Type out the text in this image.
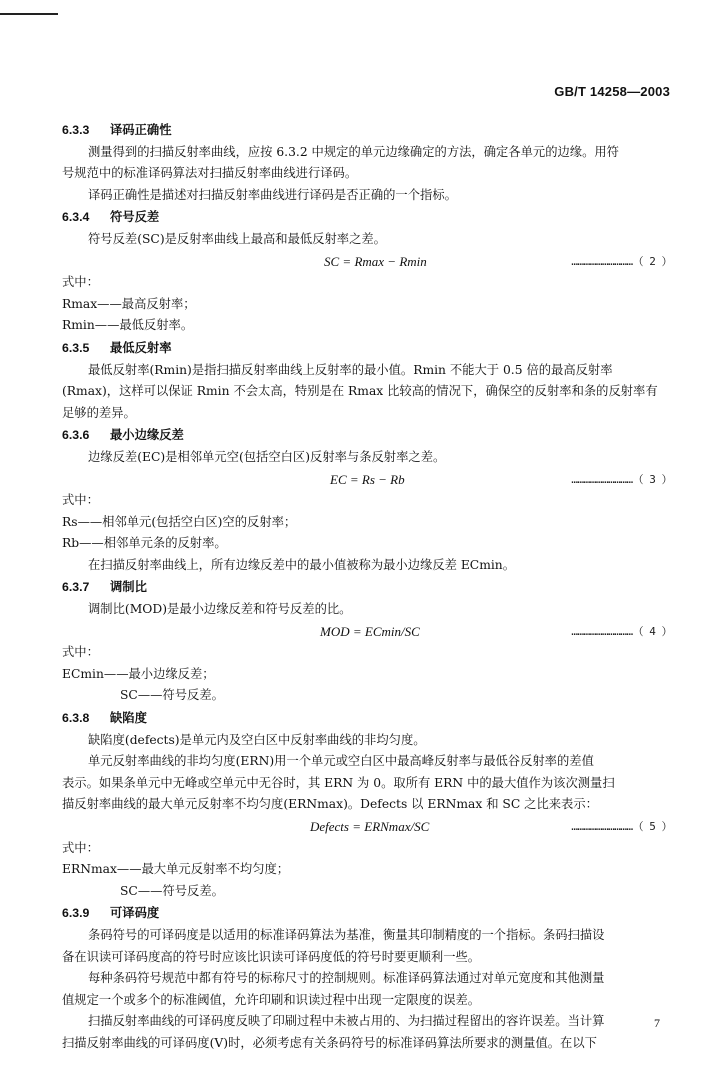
GB/T 14258—2003
6.3.3 译码正确性
测量得到的扫描反射率曲线，应按 6.3.2 中规定的单元边缘确定的方法，确定各单元的边缘。用符
号规范中的标准译码算法对扫描反射率曲线进行译码。
译码正确性是描述对扫描反射率曲线进行译码是否正确的一个指标。
6.3.4 符号反差
符号反差(SC)是反射率曲线上最高和最低反射率之差。
SC = Rmax − Rmin	…………………………（ 2 ）
式中：
Rmax——最高反射率；
Rmin——最低反射率。
6.3.5 最低反射率
最低反射率(Rmin)是指扫描反射率曲线上反射率的最小值。Rmin 不能大于 0.5 倍的最高反射率
(Rmax)，这样可以保证 Rmin 不会太高，特别是在 Rmax 比较高的情况下，确保空的反射率和条的反射率有
足够的差异。
6.3.6 最小边缘反差
边缘反差(EC)是相邻单元空(包括空白区)反射率与条反射率之差。
EC = Rs − Rb	…………………………（ 3 ）
式中：
Rs——相邻单元(包括空白区)空的反射率；
Rb——相邻单元条的反射率。
在扫描反射率曲线上，所有边缘反差中的最小值被称为最小边缘反差 ECmin。
6.3.7 调制比
调制比(MOD)是最小边缘反差和符号反差的比。
MOD = ECmin/SC	…………………………（ 4 ）
式中：
ECmin——最小边缘反差；
SC——符号反差。
6.3.8 缺陷度
缺陷度(defects)是单元内及空白区中反射率曲线的非均匀度。
单元反射率曲线的非均匀度(ERN)用一个单元或空白区中最高峰反射率与最低谷反射率的差值
表示。如果条单元中无峰或空单元中无谷时，其 ERN 为 0。取所有 ERN 中的最大值作为该次测量扫
描反射率曲线的最大单元反射率不均匀度(ERNmax)。Defects 以 ERNmax 和 SC 之比来表示：
Defects = ERNmax/SC	…………………………（ 5 ）
式中：
ERNmax——最大单元反射率不均匀度；
SC——符号反差。
6.3.9 可译码度
条码符号的可译码度是以适用的标准译码算法为基准，衡量其印制精度的一个指标。条码扫描设
备在识读可译码度高的符号时应该比识读可译码度低的符号时要更顺利一些。
每种条码符号规范中都有符号的标称尺寸的控制规则。标准译码算法通过对单元宽度和其他测量
值规定一个或多个的标准阈值，允许印刷和识读过程中出现一定限度的误差。
扫描反射率曲线的可译码度反映了印刷过程中未被占用的、为扫描过程留出的容许误差。当计算
扫描反射率曲线的可译码度(V)时，必须考虑有关条码符号的标准译码算法所要求的测量值。在以下
7
